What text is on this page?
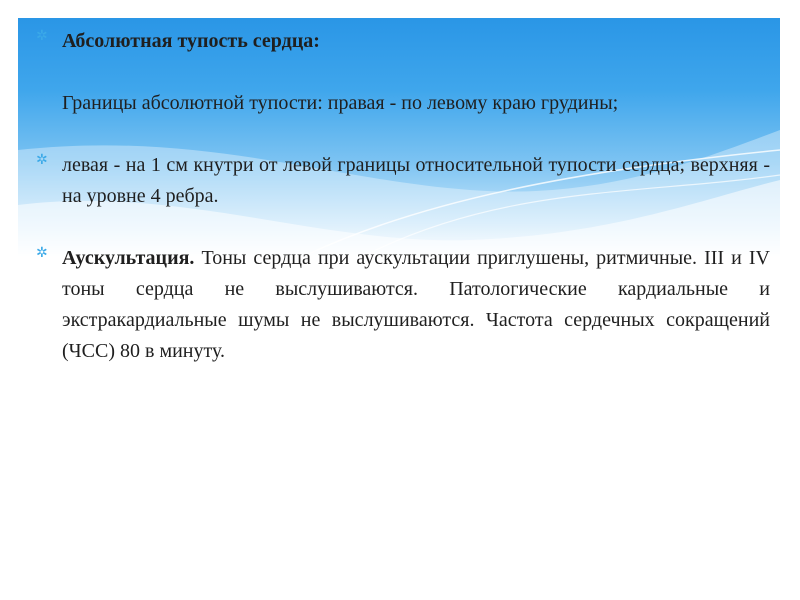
✲ Абсолютная тупость сердца:
Границы абсолютной тупости: правая - по левому краю грудины;
✲ левая - на 1 см кнутри от левой границы относительной тупости сердца; верхняя - на уровне 4 ребра.
✲ Аускультация. Тоны сердца при аускультации приглушены, ритмичные. III и IV тоны сердца не выслушиваются. Патологические кардиальные и экстракардиальные шумы не выслушиваются. Частота сердечных сокращений (ЧСС) 80 в минуту.
